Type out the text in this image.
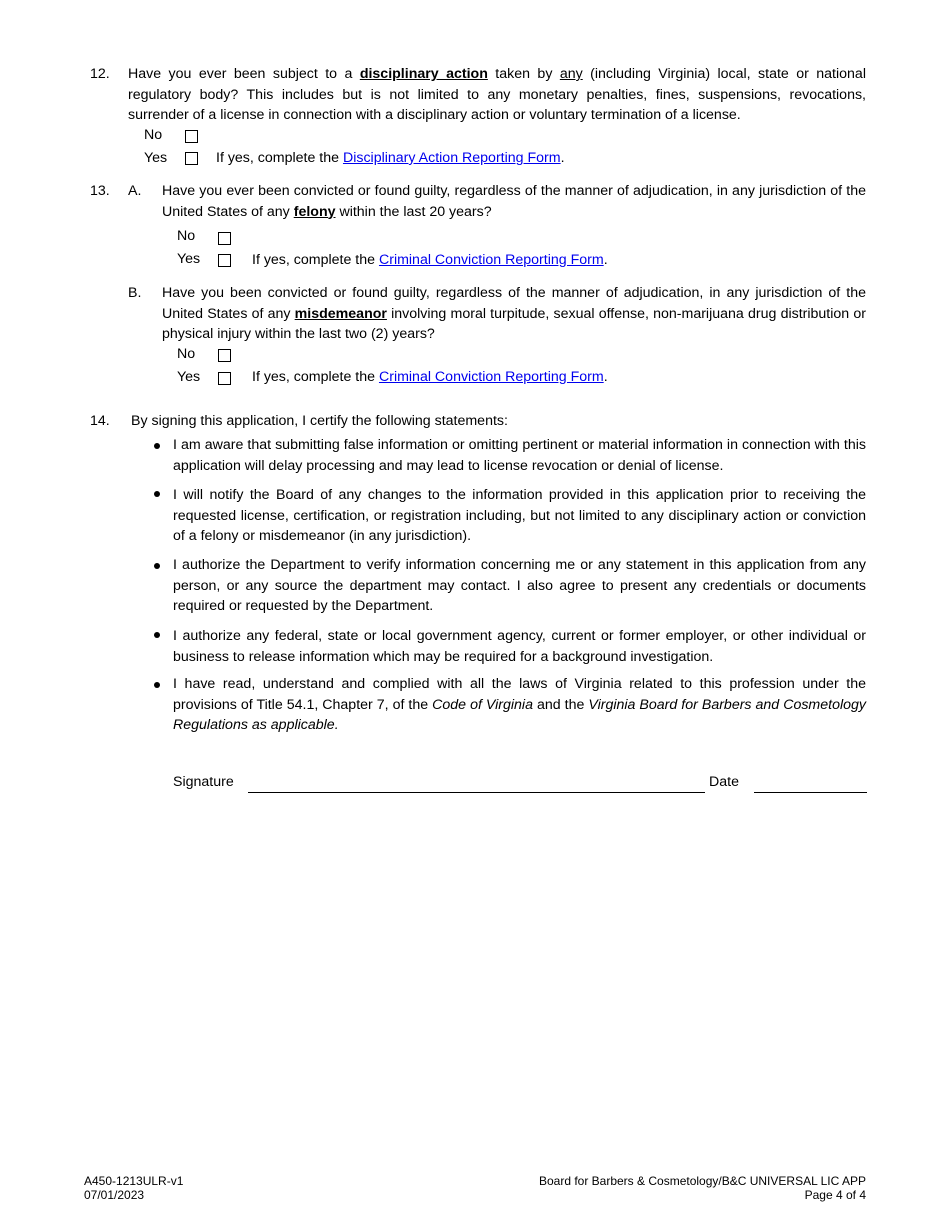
12. Have you ever been subject to a disciplinary action taken by any (including Virginia) local, state or national regulatory body? This includes but is not limited to any monetary penalties, fines, suspensions, revocations, surrender of a license in connection with a disciplinary action or voluntary termination of a license.
No
Yes	If yes, complete the Disciplinary Action Reporting Form.
13. A. Have you ever been convicted or found guilty, regardless of the manner of adjudication, in any jurisdiction of the United States of any felony within the last 20 years?
No
Yes	If yes, complete the Criminal Conviction Reporting Form.
B. Have you been convicted or found guilty, regardless of the manner of adjudication, in any jurisdiction of the United States of any misdemeanor involving moral turpitude, sexual offense, non-marijuana drug distribution or physical injury within the last two (2) years?
No
Yes	If yes, complete the Criminal Conviction Reporting Form.
14. By signing this application, I certify the following statements:
I am aware that submitting false information or omitting pertinent or material information in connection with this application will delay processing and may lead to license revocation or denial of license.
I will notify the Board of any changes to the information provided in this application prior to receiving the requested license, certification, or registration including, but not limited to any disciplinary action or conviction of a felony or misdemeanor (in any jurisdiction).
I authorize the Department to verify information concerning me or any statement in this application from any person, or any source the department may contact. I also agree to present any credentials or documents required or requested by the Department.
I authorize any federal, state or local government agency, current or former employer, or other individual or business to release information which may be required for a background investigation.
I have read, understand and complied with all the laws of Virginia related to this profession under the provisions of Title 54.1, Chapter 7, of the Code of Virginia and the Virginia Board for Barbers and Cosmetology Regulations as applicable.
Signature	Date
A450-1213ULR-v1
07/01/2023
Board for Barbers & Cosmetology/B&C UNIVERSAL LIC APP
Page 4 of 4
